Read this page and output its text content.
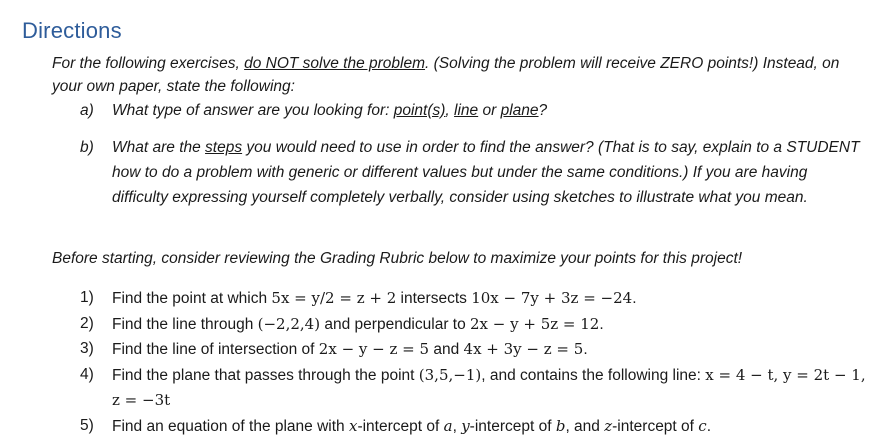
Directions

For the following exercises, do NOT solve the problem. (Solving the problem will receive ZERO points!) Instead, on your own paper, state the following:

a) What type of answer are you looking for: point(s), line or plane?
b) What are the steps you would need to use in order to find the answer? (That is to say, explain to a STUDENT how to do a problem with generic or different values but under the same conditions.) If you are having difficulty expressing yourself completely verbally, consider using sketches to illustrate what you mean.
Before starting, consider reviewing the Grading Rubric below to maximize your points for this project!
1) Find the point at which 5x = y/2 = z + 2 intersects 10x − 7y + 3z = −24.
2) Find the line through (−2,2,4) and perpendicular to 2x − y + 5z = 12.
3) Find the line of intersection of 2x − y − z = 5 and 4x + 3y − z = 5.
4) Find the plane that passes through the point (3,5,−1), and contains the following line: x = 4 − t, y = 2t − 1, z = −3t
5) Find an equation of the plane with x-intercept of a, y-intercept of b, and z-intercept of c.
